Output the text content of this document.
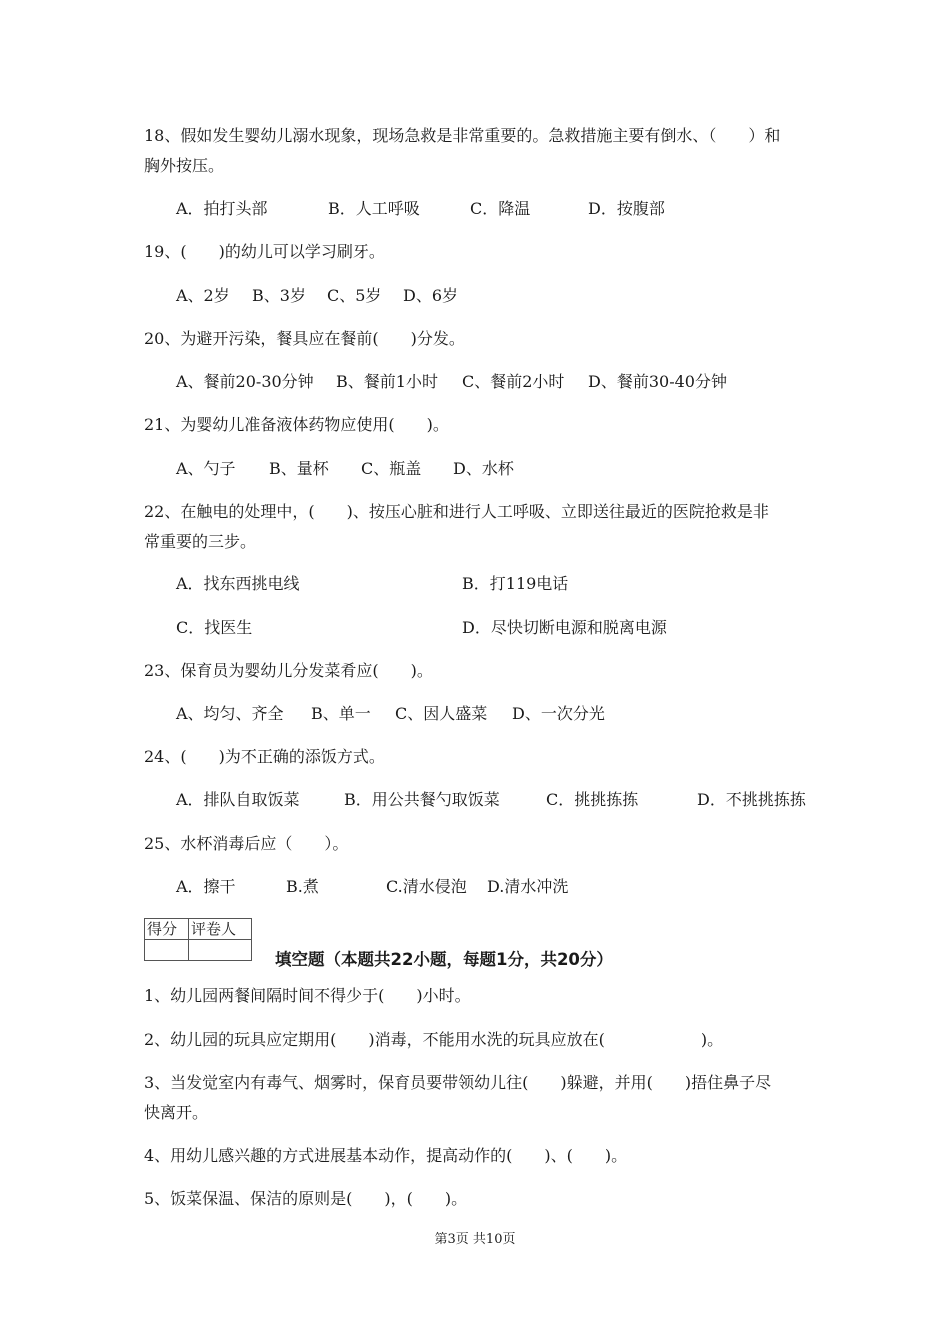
18、假如发生婴幼儿溺水现象，现场急救是非常重要的。急救措施主要有倒水、（　　）和
胸外按压。
A．拍打头部	B．人工呼吸	C．降温	D．按腹部
19、(　　)的幼儿可以学习刷牙。
A、2岁 B、3岁 C、5岁 D、6岁
20、为避开污染，餐具应在餐前(　　)分发。
A、餐前20-30分钟 B、餐前1小时 C、餐前2小时 D、餐前30-40分钟
21、为婴幼儿准备液体药物应使用(　　)。
A、勺子 B、量杯 C、瓶盖 D、水杯
22、在触电的处理中，(　　)、按压心脏和进行人工呼吸、立即送往最近的医院抢救是非
常重要的三步。
A．找东西挑电线	B．打119电话
C．找医生	D．尽快切断电源和脱离电源
23、保育员为婴幼儿分发菜肴应(　　)。
A、均匀、齐全 B、单一 C、因人盛菜 D、一次分光
24、(　　)为不正确的添饭方式。
A．排队自取饭菜	B．用公共餐勺取饭菜	C．挑挑拣拣	D．不挑挑拣拣
25、水杯消毒后应（　　）。
A．擦干	B.煮	C.清水侵泡 D.清水冲洗
得分	评卷人

填空题（本题共22小题，每题1分，共20分）
1、幼儿园两餐间隔时间不得少于(　　)小时。
2、幼儿园的玩具应定期用(　　)消毒，不能用水洗的玩具应放在(　　　　　　)。
3、当发觉室内有毒气、烟雾时，保育员要带领幼儿往(　　)躲避，并用(　　)捂住鼻子尽
快离开。
4、用幼儿感兴趣的方式进展基本动作，提高动作的(　　)、(　　)。
5、饭菜保温、保洁的原则是(　　)，(　　)。
第3页 共10页
